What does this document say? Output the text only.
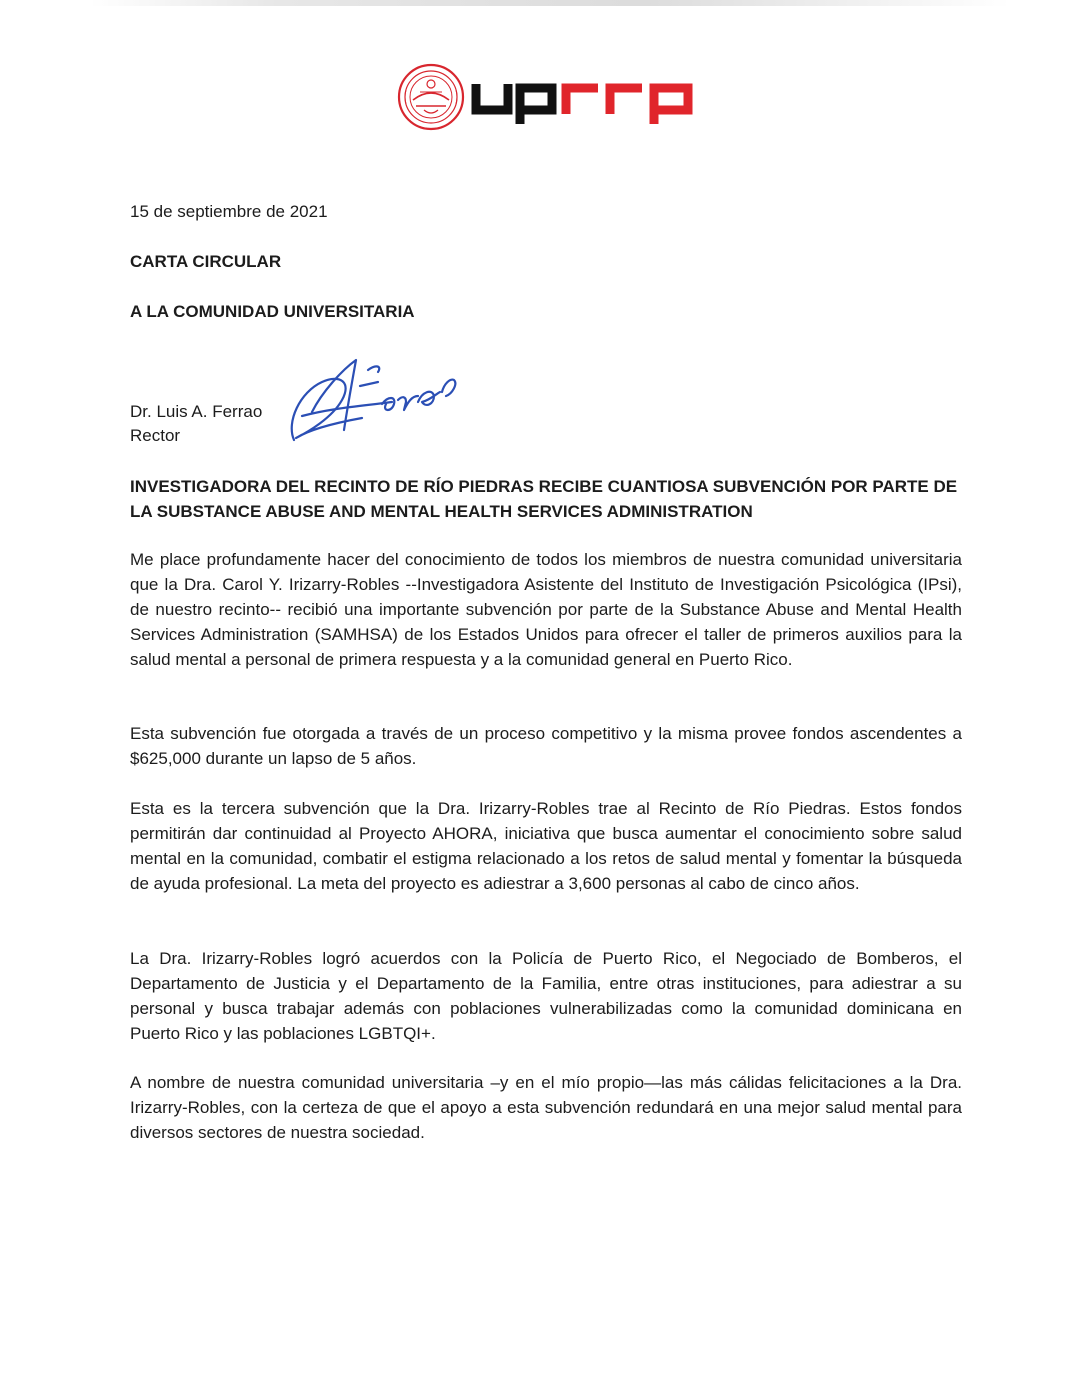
15 de septiembre de 2021
CARTA CIRCULAR
A LA COMUNIDAD UNIVERSITARIA
Dr. Luis A. Ferrao
Rector
INVESTIGADORA DEL RECINTO DE RÍO PIEDRAS RECIBE CUANTIOSA SUBVENCIÓN POR PARTE DE LA SUBSTANCE ABUSE AND MENTAL HEALTH SERVICES ADMINISTRATION

Me place profundamente hacer del conocimiento de todos los miembros de nuestra comunidad universitaria que la Dra. Carol Y. Irizarry-Robles --Investigadora Asistente del Instituto de Investigación Psicológica (IPsi), de nuestro recinto-- recibió una importante subvención por parte de la Substance Abuse and Mental Health Services Administration (SAMHSA) de los Estados Unidos para ofrecer el taller de primeros auxilios para la salud mental a personal de primera respuesta y a la comunidad general en Puerto Rico.

Esta subvención fue otorgada a través de un proceso competitivo y la misma provee fondos ascendentes a $625,000 durante un lapso de 5 años.

Esta es la tercera subvención que la Dra. Irizarry-Robles trae al Recinto de Río Piedras. Estos fondos permitirán dar continuidad al Proyecto AHORA, iniciativa que busca aumentar el conocimiento sobre salud mental en la comunidad, combatir el estigma relacionado a los retos de salud mental y fomentar la búsqueda de ayuda profesional. La meta del proyecto es adiestrar a 3,600 personas al cabo de cinco años.

La Dra. Irizarry-Robles logró acuerdos con la Policía de Puerto Rico, el Negociado de Bomberos, el Departamento de Justicia y el Departamento de la Familia, entre otras instituciones, para adiestrar a su personal y busca trabajar además con poblaciones vulnerabilizadas como la comunidad dominicana en Puerto Rico y las poblaciones LGBTQI+.

A nombre de nuestra comunidad universitaria –y en el mío propio—las más cálidas felicitaciones a la Dra. Irizarry-Robles, con la certeza de que el apoyo a esta subvención redundará en una mejor salud mental para diversos sectores de nuestra sociedad.
